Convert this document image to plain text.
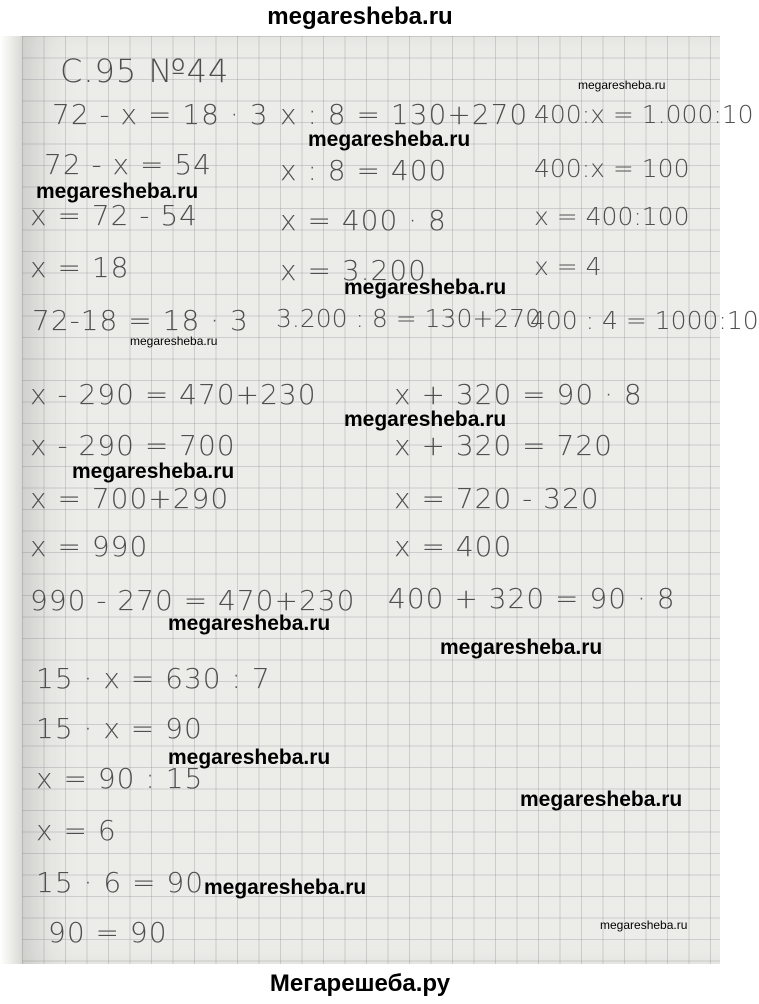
megaresheba.ru
С.95 №44
72 - x = 18 · 3
72 - x = 54
x = 72 - 54
x = 18
72-18 = 18 · 3
x : 8 = 130+270
x : 8 = 400
x = 400 · 8
x = 3.200
3.200 : 8 = 130+270
400:x = 1.000:10
400:x = 100
x = 400:100
x = 4
400 : 4 = 1000:10
x - 290 = 470+230
x - 290 = 700
x = 700+290
x = 990
990 - 270 = 470+230
x + 320 = 90 · 8
x + 320 = 720
x = 720 - 320
x = 400
400 + 320 = 90 · 8
15 · x = 630 : 7
15 · x = 90
x = 90 : 15
x = 6
15 · 6 = 90
90 = 90
megaresheba.ru
megaresheba.ru
megaresheba.ru
megaresheba.ru
megaresheba.ru
megaresheba.ru
megaresheba.ru
megaresheba.ru
megaresheba.ru
megaresheba.ru
megaresheba.ru
megaresheba.ru
megaresheba.ru
Мегарешеба.ру
